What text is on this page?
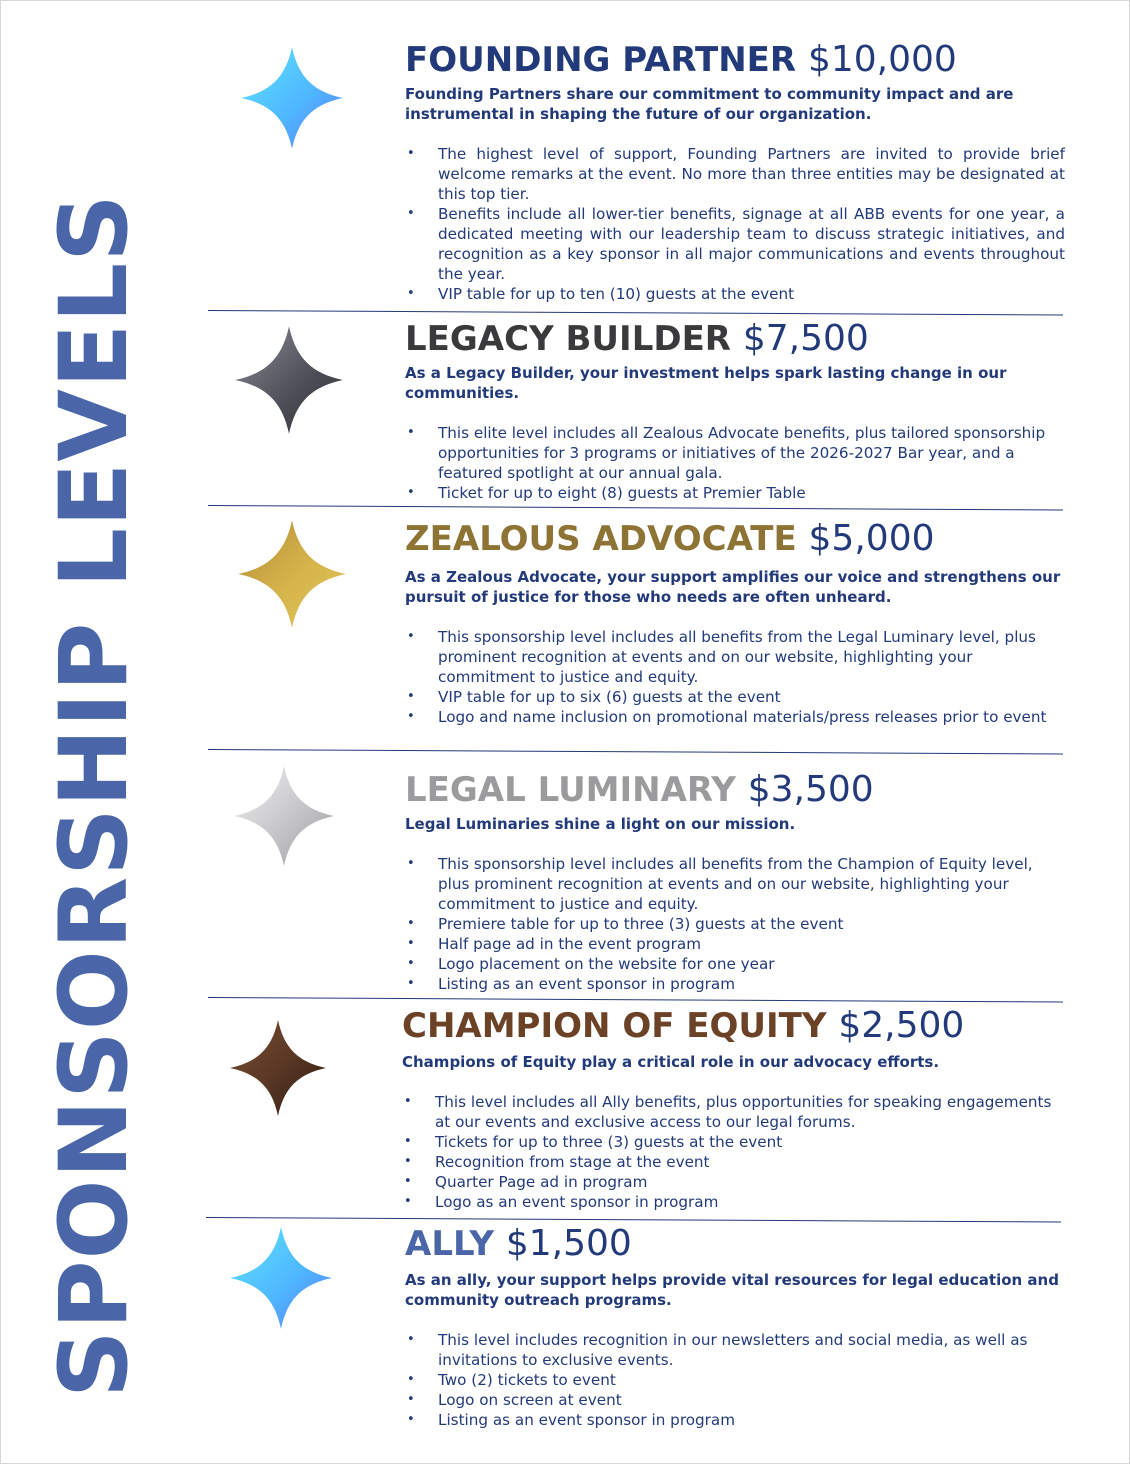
SPONSORSHIP LEVELS
FOUNDING PARTNER $10,000

Founding Partners share our commitment to community impact and are instrumental in shaping the future of our organization.

• The highest level of support, Founding Partners are invited to provide brief welcome remarks at the event. No more than three entities may be designated at this top tier.
• Benefits include all lower-tier benefits, signage at all ABB events for one year, a dedicated meeting with our leadership team to discuss strategic initiatives, and recognition as a key sponsor in all major communications and events throughout the year.
• VIP table for up to ten (10) guests at the event
LEGACY BUILDER $7,500

As a Legacy Builder, your investment helps spark lasting change in our communities.

• This elite level includes all Zealous Advocate benefits, plus tailored sponsorship opportunities for 3 programs or initiatives of the 2026-2027 Bar year, and a featured spotlight at our annual gala.
• Ticket for up to eight (8) guests at Premier Table
ZEALOUS ADVOCATE $5,000

As a Zealous Advocate, your support amplifies our voice and strengthens our pursuit of justice for those who needs are often unheard.

• This sponsorship level includes all benefits from the Legal Luminary level, plus prominent recognition at events and on our website, highlighting your commitment to justice and equity.
• VIP table for up to six (6) guests at the event
• Logo and name inclusion on promotional materials/press releases prior to event
LEGAL LUMINARY $3,500

Legal Luminaries shine a light on our mission.

• This sponsorship level includes all benefits from the Champion of Equity level, plus prominent recognition at events and on our website, highlighting your commitment to justice and equity.
• Premiere table for up to three (3) guests at the event
• Half page ad in the event program
• Logo placement on the website for one year
• Listing as an event sponsor in program
CHAMPION OF EQUITY $2,500

Champions of Equity play a critical role in our advocacy efforts.

• This level includes all Ally benefits, plus opportunities for speaking engagements at our events and exclusive access to our legal forums.
• Tickets for up to three (3) guests at the event
• Recognition from stage at the event
• Quarter Page ad in program
• Logo as an event sponsor in program
ALLY $1,500

As an ally, your support helps provide vital resources for legal education and community outreach programs.

• This level includes recognition in our newsletters and social media, as well as invitations to exclusive events.
• Two (2) tickets to event
• Logo on screen at event
• Listing as an event sponsor in program
